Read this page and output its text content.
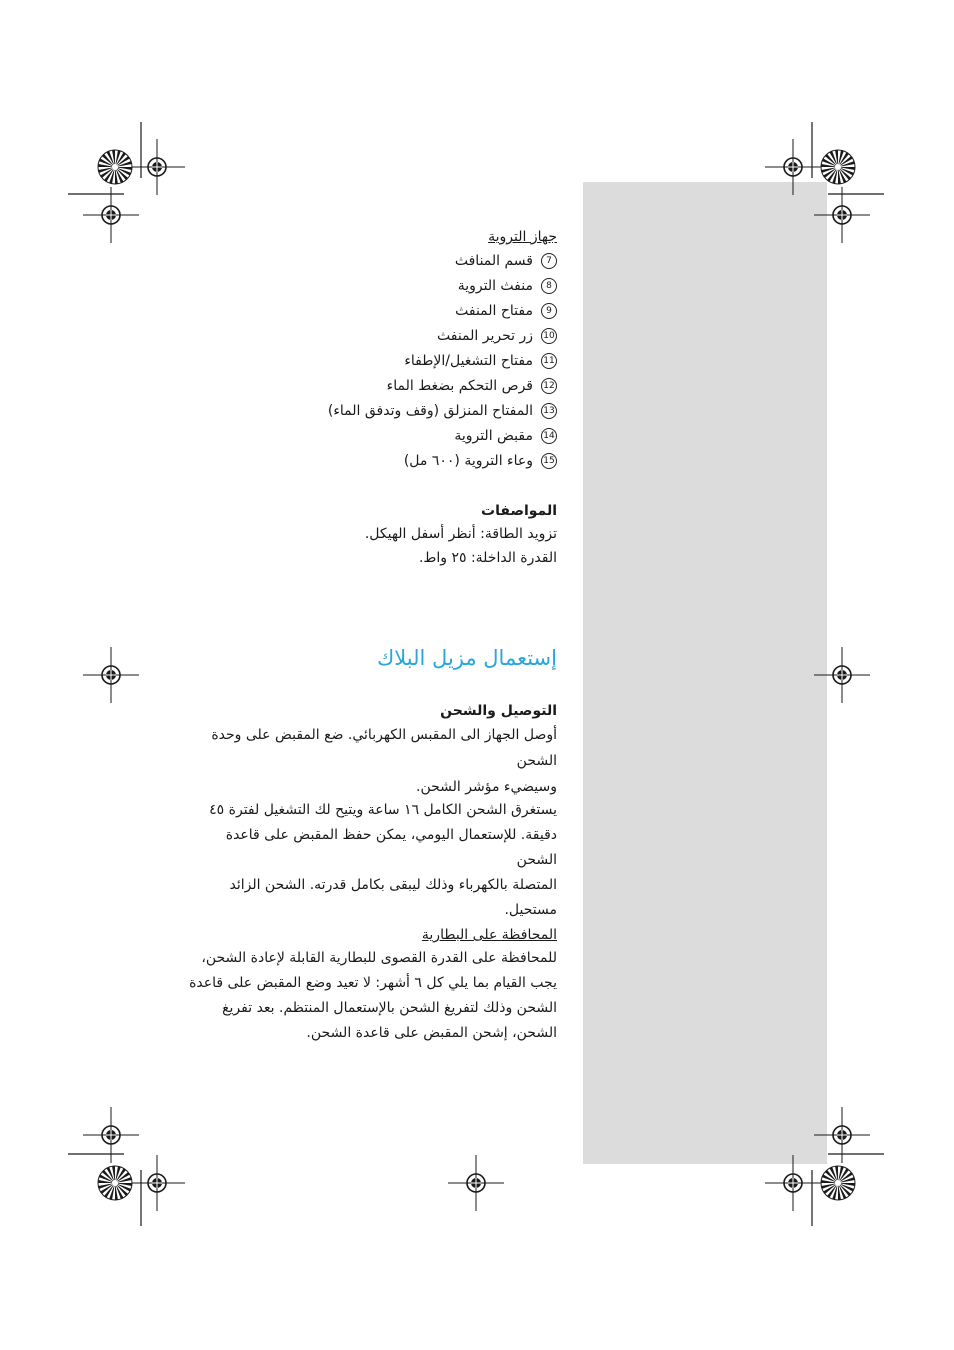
جهاز التروية
7قسم المنافث
8منفث التروية
9مفتاح المنفث
10زر تحرير المنفث
11مفتاح التشغيل/الإطفاء
12قرص التحكم بضغط الماء
13المفتاح المنزلق (وقف وتدفق الماء)
14مقبض التروية
15وعاء التروية (٦٠٠ مل)
المواصفات
تزويد الطاقة: أنظر أسفل الهيكل.
القدرة الداخلة: ٢٥ واط.
إستعمال مزيل البلاك
التوصيل والشحن
أوصل الجهاز الى المقبس الكهربائي. ضع المقبض على وحدة الشحن
وسيضيء مؤشر الشحن.
يستغرق الشحن الكامل ١٦ ساعة ويتيح لك التشغيل لفترة ٤٥
دقيقة. للإستعمال اليومي، يمكن حفظ المقبض على قاعدة الشحن
المتصلة بالكهرباء وذلك ليبقى بكامل قدرته. الشحن الزائد
مستحيل.
المحافظة على البطارية
للمحافظة على القدرة القصوى للبطارية القابلة لإعادة الشحن،
يجب القيام بما يلي كل ٦ أشهر: لا تعيد وضع المقبض على قاعدة
الشحن وذلك لتفريغ الشحن بالإستعمال المنتظم. بعد تفريغ
الشحن، إشحن المقبض على قاعدة الشحن.
